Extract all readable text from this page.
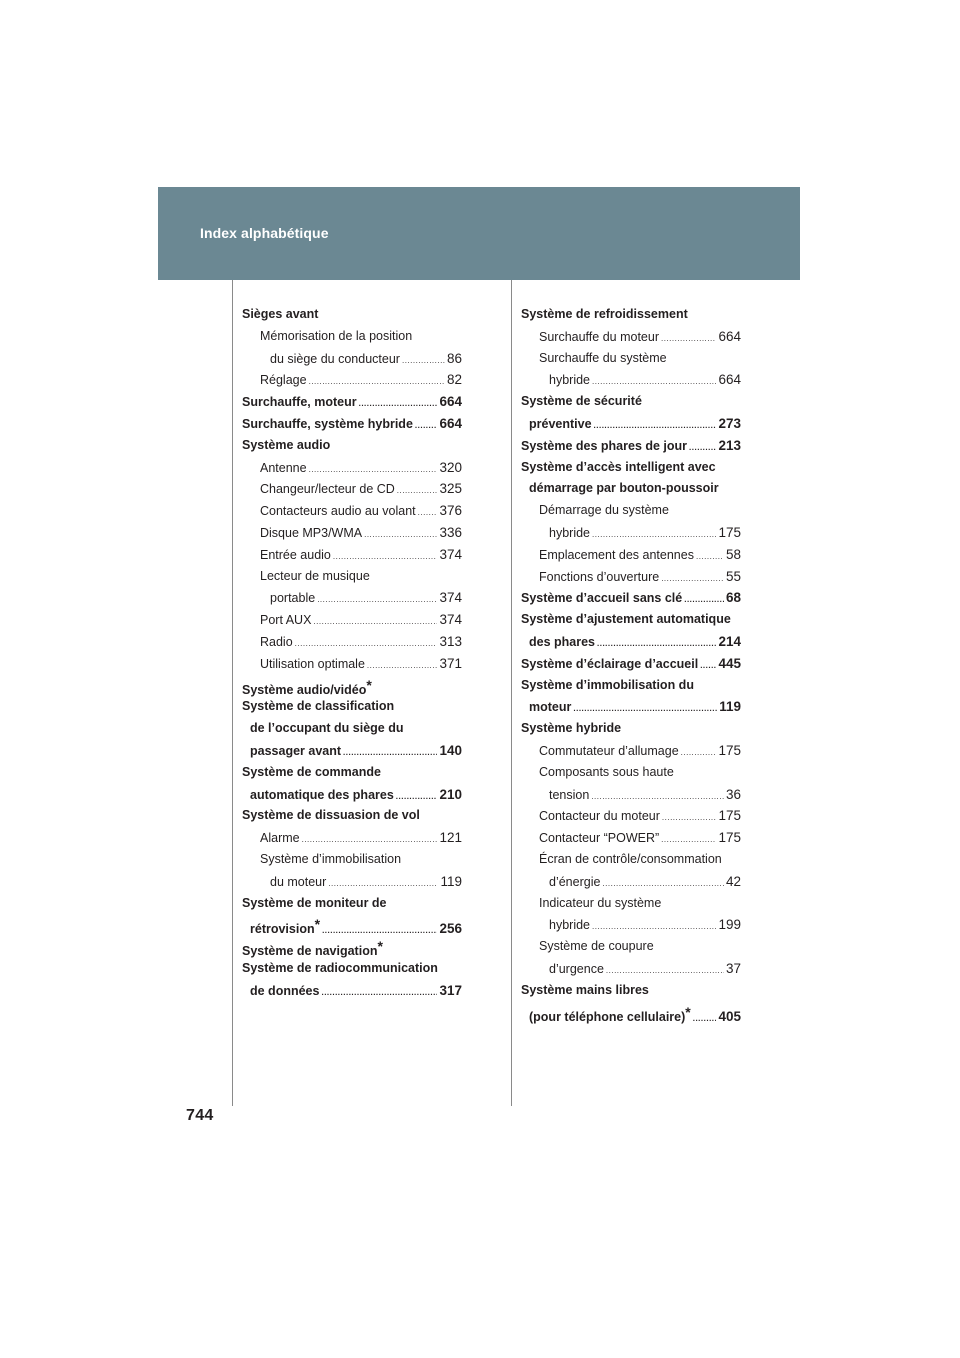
Index alphabétique
744
Sièges avant
Mémorisation de la position
du siège du conducteur .....	86
Réglage .....	82
Surchauffe, moteur .....	664
Surchauffe, système hybride ..... 664
Système audio
Antenne .....	320
Changeur/lecteur de CD .....	325
Contacteurs audio au volant ..... 376
Disque MP3/WMA .....	336
Entrée audio .....	374
Lecteur de musique
portable .....	374
Port AUX .....	374
Radio .....	313
Utilisation optimale .....	371
Système audio/vidéo*
Système de classification
de l’occupant du siège du
passager avant .....	140
Système de commande
automatique des phares .....	210
Système de dissuasion de vol
Alarme .....	121
Système d’immobilisation
du moteur .....	119
Système de moniteur de
rétrovision* .....	256
Système de navigation*
Système de radiocommunication
de données .....	317
Système de refroidissement
Surchauffe du moteur .....	664
Surchauffe du système
hybride .....	664
Système de sécurité
préventive .....	273
Système des phares de jour ..... 213
Système d’accès intelligent avec
démarrage par bouton-poussoir
Démarrage du système
hybride .....	175
Emplacement des antennes ..... 58
Fonctions d’ouverture .....	55
Système d’accueil sans clé .....	68
Système d’ajustement automatique
des phares .....	214
Système d’éclairage d’accueil ..... 445
Système d’immobilisation du
moteur .....	119
Système hybride
Commutateur d’allumage .....	175
Composants sous haute
tension .....	36
Contacteur du moteur .....	175
Contacteur “POWER” .....	175
Écran de contrôle/consommation
d’énergie .....	42
Indicateur du système
hybride .....	199
Système de coupure
d’urgence .....	37
Système mains libres
(pour téléphone cellulaire)* ..... 405
